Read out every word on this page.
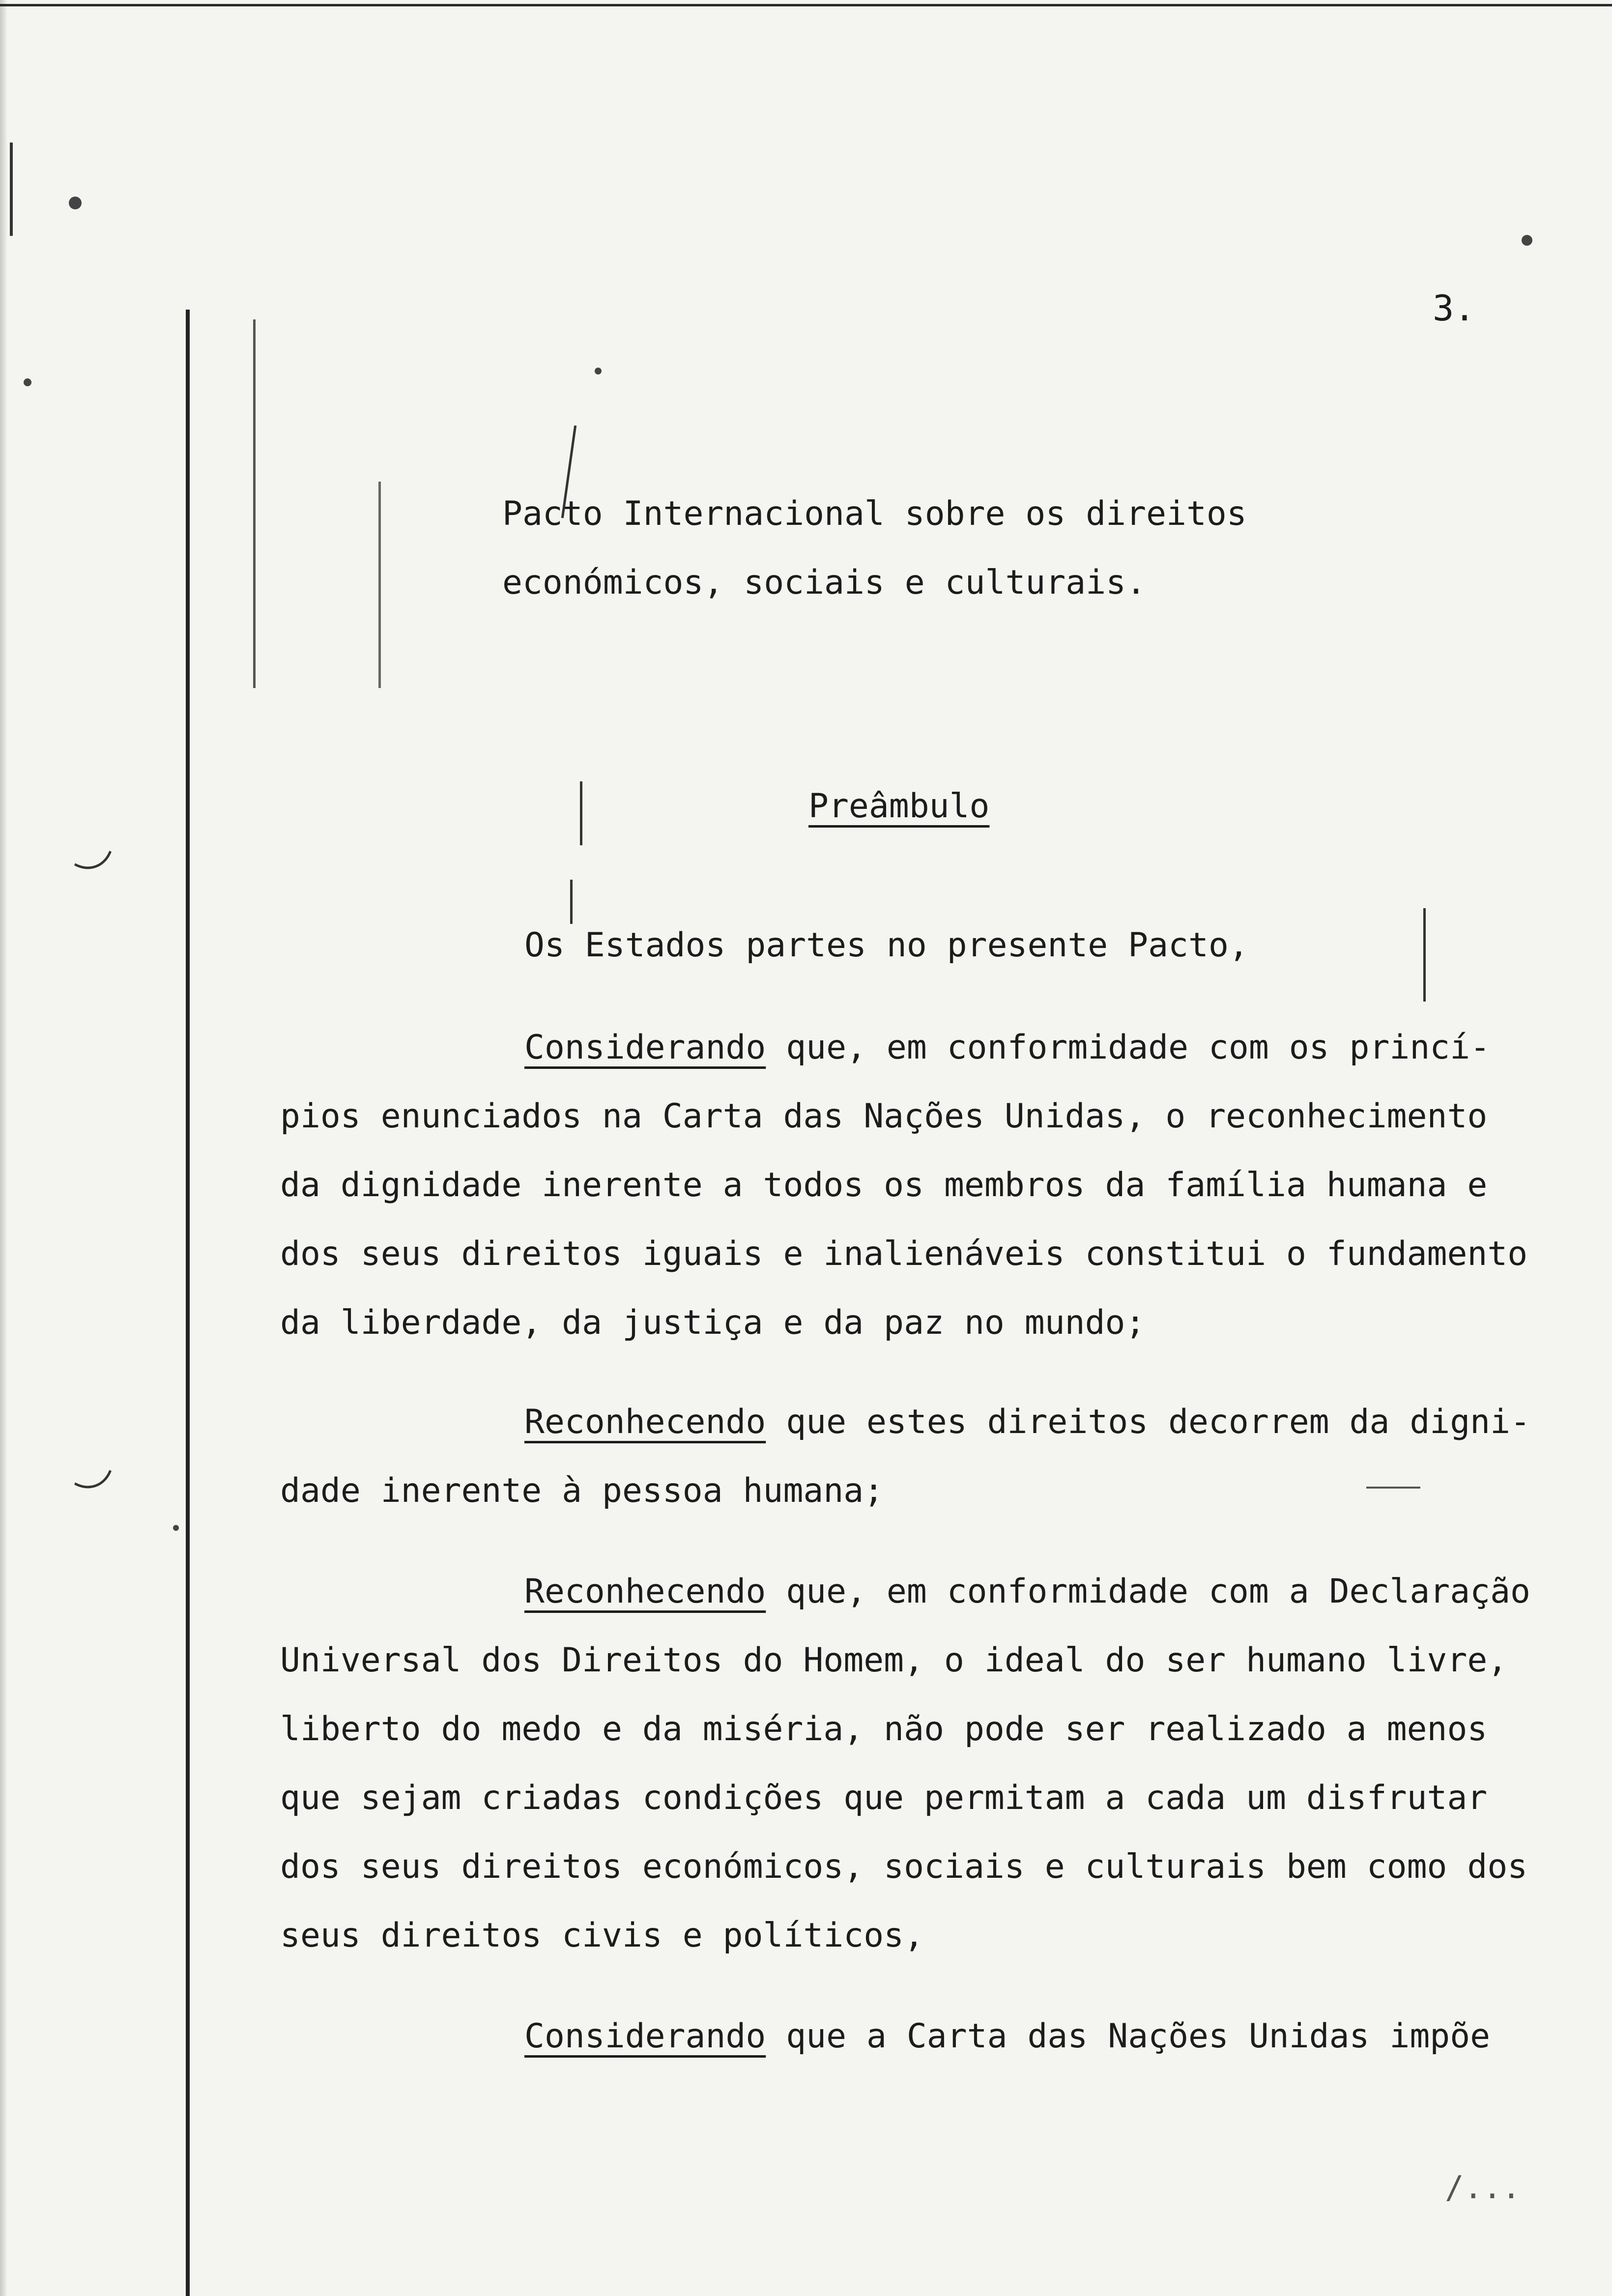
3.
Pacto Internacional sobre os direitos
económicos, sociais e culturais.
Preâmbulo
Os Estados partes no presente Pacto,
Considerando que, em conformidade com os princí-
pios enunciados na Carta das Nações Unidas, o reconhecimento
da dignidade inerente a todos os membros da família humana e
dos seus direitos iguais e inalienáveis constitui o fundamento
da liberdade, da justiça e da paz no mundo;
Reconhecendo que estes direitos decorrem da digni-
dade inerente à pessoa humana;
Reconhecendo que, em conformidade com a Declaração
Universal dos Direitos do Homem, o ideal do ser humano livre,
liberto do medo e da miséria, não pode ser realizado a menos
que sejam criadas condições que permitam a cada um disfrutar
dos seus direitos económicos, sociais e culturais bem como dos
seus direitos civis e políticos,
Considerando que a Carta das Nações Unidas impõe
/...
